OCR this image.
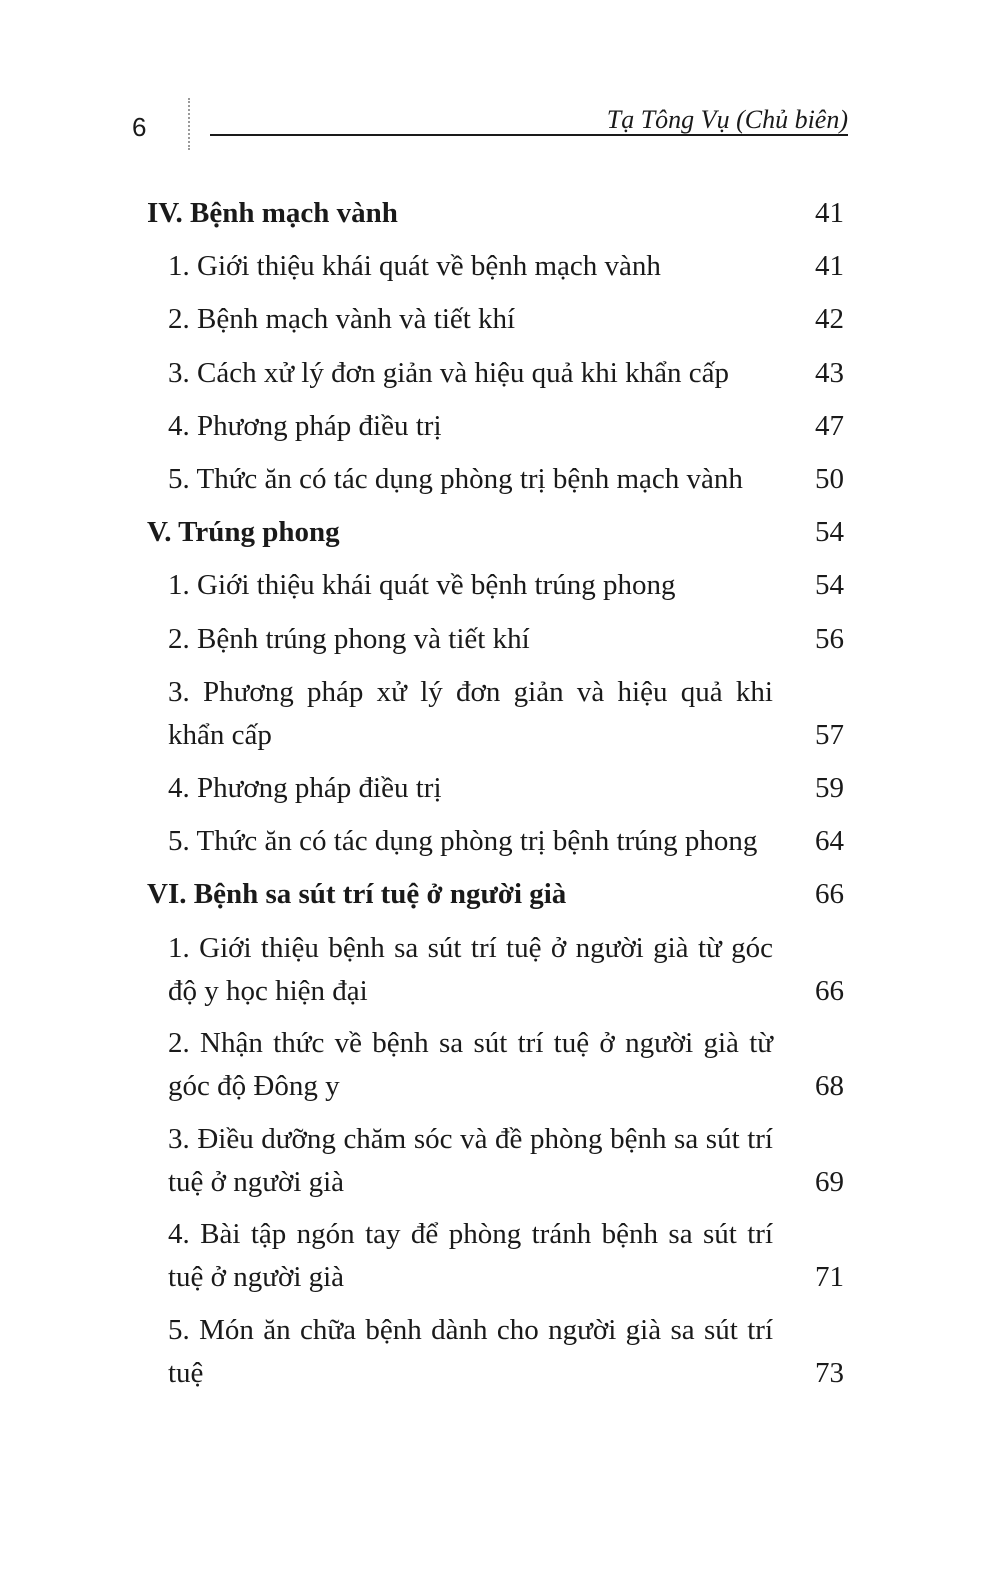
6	Tạ Tông Vụ (Chủ biên)
IV. Bệnh mạch vành	41
1. Giới thiệu khái quát về bệnh mạch vành	41
2. Bệnh mạch vành và tiết khí	42
3. Cách xử lý đơn giản và hiệu quả khi khẩn cấp	43
4. Phương pháp điều trị	47
5. Thức ăn có tác dụng phòng trị bệnh mạch vành 50
V. Trúng phong	54
1. Giới thiệu khái quát về bệnh trúng phong	54
2. Bệnh trúng phong và tiết khí	56
3. Phương pháp xử lý đơn giản và hiệu quả khi khẩn cấp	57
4. Phương pháp điều trị	59
5. Thức ăn có tác dụng phòng trị bệnh trúng phong 64
VI. Bệnh sa sút trí tuệ ở người già	66
1. Giới thiệu bệnh sa sút trí tuệ ở người già từ góc độ y học hiện đại	66
2. Nhận thức về bệnh sa sút trí tuệ ở người già từ góc độ Đông y	68
3. Điều dưỡng chăm sóc và đề phòng bệnh sa sút trí tuệ ở người già	69
4. Bài tập ngón tay để phòng tránh bệnh sa sút trí tuệ ở người già	71
5. Món ăn chữa bệnh dành cho người già sa sút trí tuệ	73
